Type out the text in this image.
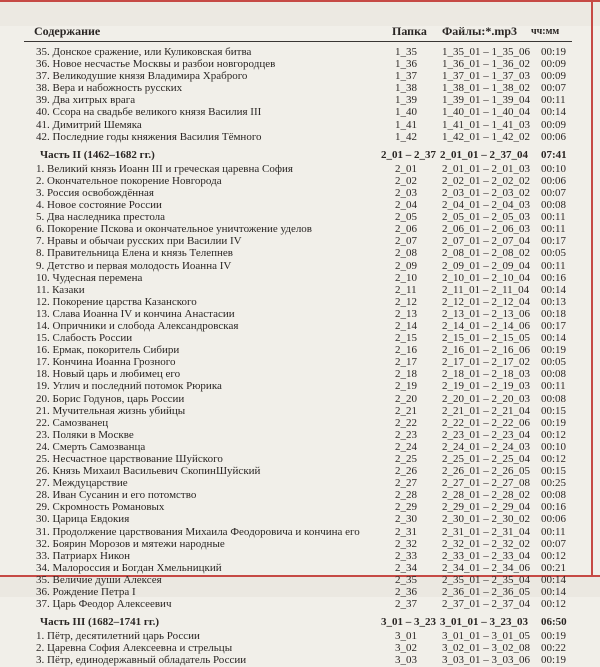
Содержание	Папка Файлы:*.mp3 чч:мм
35. Донское сражение, или Куликовская битва	1_35 1_35_01 – 1_35_06 00:19
36. Новое несчастье Москвы и разбои новгородцев	1_36 1_36_01 – 1_36_02 00:09
37. Великодушие князя Владимира Храброго	1_37 1_37_01 – 1_37_03 00:09
38. Вера и набожность русских	1_38 1_38_01 – 1_38_02 00:07
39. Два хитрых врага	1_39 1_39_01 – 1_39_04 00:11
40. Ссора на свадьбе великого князя Василия III	1_40 1_40_01 – 1_40_04 00:14
41. Димитрий Шемяка	1_41 1_41_01 – 1_41_03 00:09
42. Последние годы княжения Василия Тёмного	1_42 1_42_01 – 1_42_02 00:06
Часть II (1462–1682 гг.)	2_01 – 2_37 2_01_01 – 2_37_04 07:41
1. Великий князь Иоанн III и греческая царевна София	2_01 2_01_01 – 2_01_03 00:10
2. Окончательное покорение Новгорода	2_02 2_02_01 – 2_02_02 00:06
3. Россия освобождённая	2_03 2_03_01 – 2_03_02 00:07
4. Новое состояние России	2_04 2_04_01 – 2_04_03 00:08
5. Два наследника престола	2_05 2_05_01 – 2_05_03 00:11
6. Покорение Пскова и окончательное уничтожение уделов	2_06 2_06_01 – 2_06_03 00:11
7. Нравы и обычаи русских при Василии IV	2_07 2_07_01 – 2_07_04 00:17
8. Правительница Елена и князь Телепнев	2_08 2_08_01 – 2_08_02 00:05
9. Детство и первая молодость Иоанна IV	2_09 2_09_01 – 2_09_04 00:11
10. Чудесная перемена	2_10 2_10_01 – 2_10_04 00:16
11. Казаки	2_11 2_11_01 – 2_11_04 00:14
12. Покорение царства Казанского	2_12 2_12_01 – 2_12_04 00:13
13. Слава Иоанна IV и кончина Анастасии	2_13 2_13_01 – 2_13_06 00:18
14. Опричники и слобода Александровская	2_14 2_14_01 – 2_14_06 00:17
15. Слабость России	2_15 2_15_01 – 2_15_05 00:14
16. Ермак, покоритель Сибири	2_16 2_16_01 – 2_16_06 00:19
17. Кончина Иоанна Грозного	2_17 2_17_01 – 2_17_02 00:05
18. Новый царь и любимец его	2_18 2_18_01 – 2_18_03 00:08
19. Углич и последний потомок Рюрика	2_19 2_19_01 – 2_19_03 00:11
20. Борис Годунов, царь России	2_20 2_20_01 – 2_20_03 00:08
21. Мучительная жизнь убийцы	2_21 2_21_01 – 2_21_04 00:15
22. Самозванец	2_22 2_22_01 – 2_22_06 00:19
23. Поляки в Москве	2_23 2_23_01 – 2_23_04 00:12
24. Смерть Самозванца	2_24 2_24_01 – 2_24_03 00:10
25. Несчастное царствование Шуйского	2_25 2_25_01 – 2_25_04 00:12
26. Князь Михаил Васильевич СкопинШуйский	2_26 2_26_01 – 2_26_05 00:15
27. Междуцарствие	2_27 2_27_01 – 2_27_08 00:25
28. Иван Сусанин и его потомство	2_28 2_28_01 – 2_28_02 00:08
29. Скромность Романовых	2_29 2_29_01 – 2_29_04 00:16
30. Царица Евдокия	2_30 2_30_01 – 2_30_02 00:06
31. Продолжение царствования Михаила Феодоровича и кончина его	2_31 2_31_01 – 2_31_04 00:11
32. Боярин Морозов и мятежи народные	2_32 2_32_01 – 2_32_02 00:07
33. Патриарх Никон	2_33 2_33_01 – 2_33_04 00:12
34. Малороссия и Богдан Хмельницкий	2_34 2_34_01 – 2_34_06 00:21
35. Величие души Алексея	2_35 2_35_01 – 2_35_04 00:14
36. Рождение Петра I	2_36 2_36_01 – 2_36_05 00:14
37. Царь Феодор Алексеевич	2_37 2_37_01 – 2_37_04 00:12
Часть III (1682–1741 гг.)	3_01 – 3_23 3_01_01 – 3_23_03 06:50
1. Пётр, десятилетний царь России	3_01 3_01_01 – 3_01_05 00:19
2. Царевна София Алексеевна и стрельцы	3_02 3_02_01 – 3_02_08 00:22
3. Пётр, единодержавный обладатель России	3_03 3_03_01 – 3_03_06 00:19
